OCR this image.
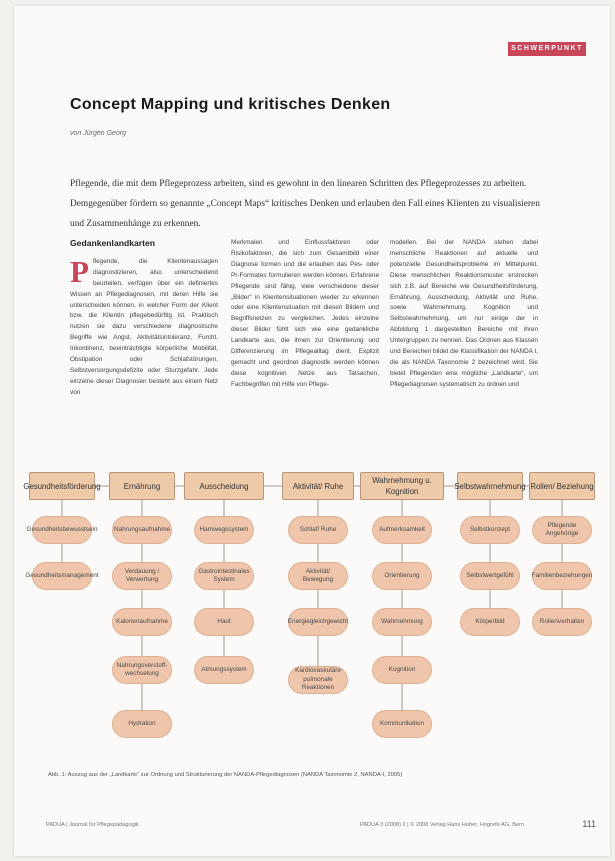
SCHWERPUNKT
Concept Mapping und kritisches Denken
von Jürgen Georg
Pflegende, die mit dem Pflegeprozess arbeiten, sind es gewohnt in den linearen Schritten des Pflegeprozesses zu arbeiten. Demgegenüber fördern so genannte „Concept Maps“ kritisches Denken und erlauben den Fall eines Klienten zu visualisieren und Zusammenhänge zu erkennen.
Gedankenlandkarten
P flegende, die Klientenaussagen diagnostizieren, also unterscheidend beurteilen, verfügen über ein definiertes Wissen an Pflegediagnosen, mit deren Hilfe sie unterscheiden können, in welcher Form der Klient bzw. die Klientin pflegebedürftig ist. Praktisch nutzen sie dazu verschiedene diagnostische Begriffe wie Angst, Aktivitätsintoleranz, Furcht, Inkontinenz, beeinträchtigte körperliche Mobilität, Obstipation oder Schlafstörungen, Selbstversorgungsdefizite oder Sturzgefahr. Jede einzelne dieser Diagnosen besteht aus einem Netz von
Merkmalen und Einflussfaktoren oder Risikofaktoren, die sich zum Gesamtbild einer Diagnose formen und die erlauben das Pes- oder Pr-Formates formulieren werden können. Erfahrene Pflegende sind fähig, viele verschiedene dieser „Bilder“ in Klientensituationen wieder zu erkennen oder eine Klientensituation mit diesen Bildern und Begriffsnetzen zu vergleichen. Jedes einzelne dieser Bilder fühlt sich wie eine gedankliche Landkarte aus, die ihnen zur Orientierung und Differenzierung im Pflegealltag dient. Explizit gemacht und geordnet diagnostik werden können diese kognitiven Netze aus Tatsachen, Fachbegriffen mit Hilfe von Pflege-
modellen. Bei der NANDA stehen dabei menschliche Reaktionen auf aktuelle und potenzielle Gesundheitsprobleme im Mittelpunkt. Diese menschlichen Reaktionsmuster erstrecken sich z.B. auf Bereiche wie Gesundheitsförderung, Ernährung, Ausscheidung, Aktivität und Ruhe, sowie Wahrnehmung, Kognition und Selbstwahrnehmung, um nur einige der in Abbildung 1 dargestellten Bereiche mit ihren Untergruppen zu nennen. Das Ordnen aus Klassen und Bereichen bildet die Klassifikation der NANDA I, die als NANDA Taxonomie 2 bezeichnet wird. Sie bietet Pflegenden eine mögliche „Landkarte“, um Pflegediagnosen systematisch zu ordnen und
Gesundheitsförderung
Gesundheitsbewusstsein
Gesundheitsmanagement
Ernährung
Nahrungsaufnahme
Verdauung / Verwertung
Kalorienaufnahme
Nahrungsverstoff-wechselung
Hydration
Ausscheidung
Harnwegssystem
Gastrointestinales System
Haut
Atmungssystem
Aktivität/ Ruhe
Schlaf/ Ruhe
Aktivität/ Bewegung
Energiegleichgewicht
Kardiovaskuläre pulmonale Reaktionen
Wahrnehmung u. Kognition
Aufmerksamkeit
Orientierung
Wahrnehmung
Kognition
Kommunikation
Selbstwahrnehmung
Selbstkonzept
Selbstwertgefühl
Körperbild
Rollen/ Beziehung
Pflegende Angehörige
Familienbeziehungen
Rollenverhalten
Abb. 1: Auszug aus der „Landkarte“ zur Ordnung und Strukturierung der NANDA-Pflegediagnosen (NANDA Taxonomie 2, NANDA-I, 2005)
PADUA | Journal für Pflegepädagogik	PADUA 3 (2008) 2 | © 2008 Verlag Hans Huber, Hogrefe AG, Bern	111
